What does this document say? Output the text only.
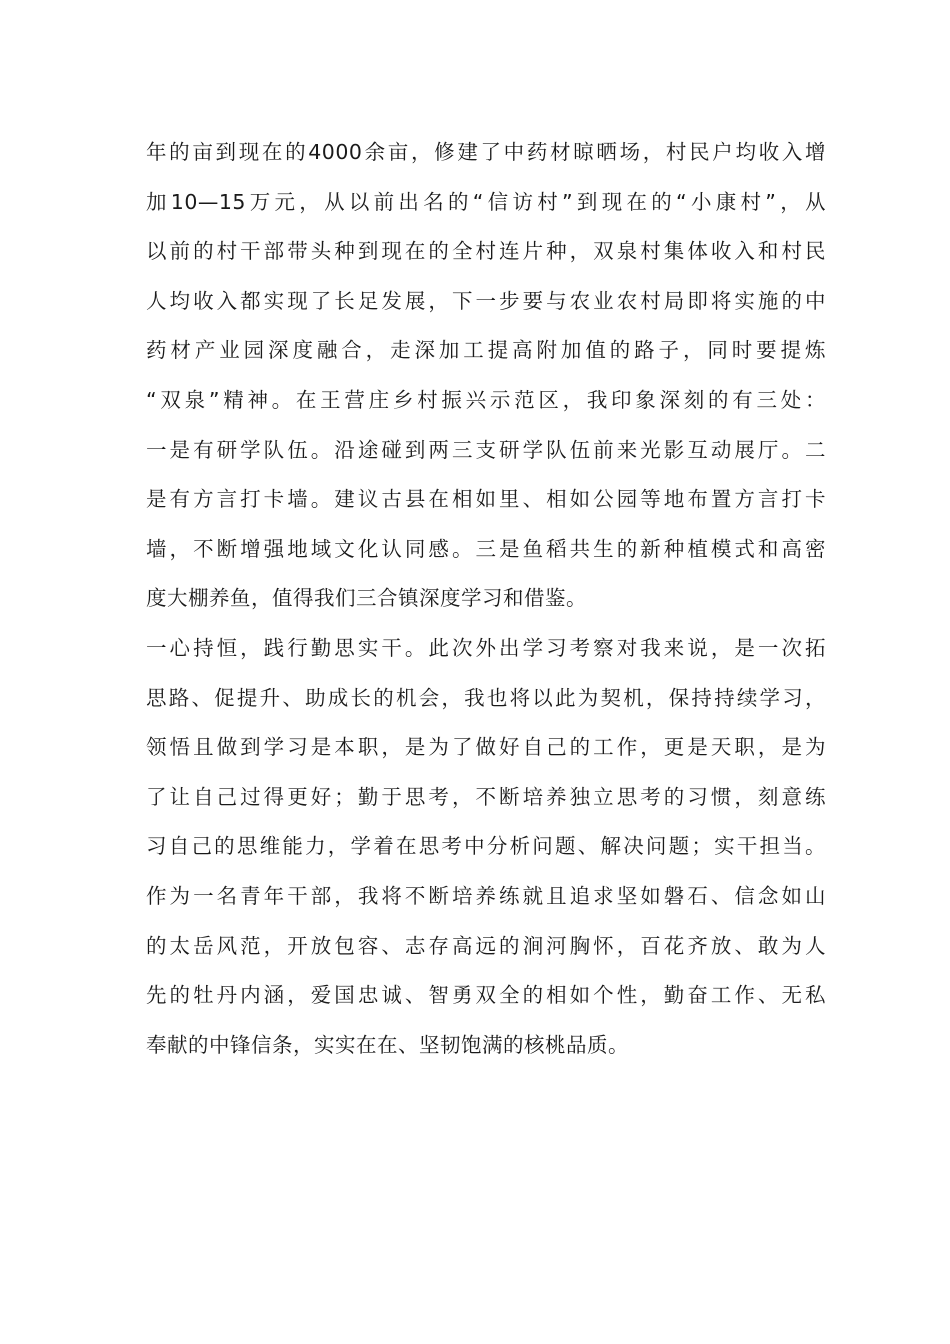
年的亩到现在的4000余亩，修建了中药材晾晒场，村民户均收入增
加10—15万元，从以前出名的“信访村”到现在的“小康村”，从
以前的村干部带头种到现在的全村连片种，双泉村集体收入和村民
人均收入都实现了长足发展，下一步要与农业农村局即将实施的中
药材产业园深度融合，走深加工提高附加值的路子，同时要提炼
“双泉”精神。在王营庄乡村振兴示范区，我印象深刻的有三处：
一是有研学队伍。沿途碰到两三支研学队伍前来光影互动展厅。二
是有方言打卡墙。建议古县在相如里、相如公园等地布置方言打卡
墙，不断增强地域文化认同感。三是鱼稻共生的新种植模式和高密
度大棚养鱼，值得我们三合镇深度学习和借鉴。
一心持恒，践行勤思实干。此次外出学习考察对我来说，是一次拓
思路、促提升、助成长的机会，我也将以此为契机，保持持续学习，
领悟且做到学习是本职，是为了做好自己的工作，更是天职，是为
了让自己过得更好；勤于思考，不断培养独立思考的习惯，刻意练
习自己的思维能力，学着在思考中分析问题、解决问题；实干担当。
作为一名青年干部，我将不断培养练就且追求坚如磐石、信念如山
的太岳风范，开放包容、志存高远的涧河胸怀，百花齐放、敢为人
先的牡丹内涵，爱国忠诚、智勇双全的相如个性，勤奋工作、无私
奉献的中锋信条，实实在在、坚韧饱满的核桃品质。
